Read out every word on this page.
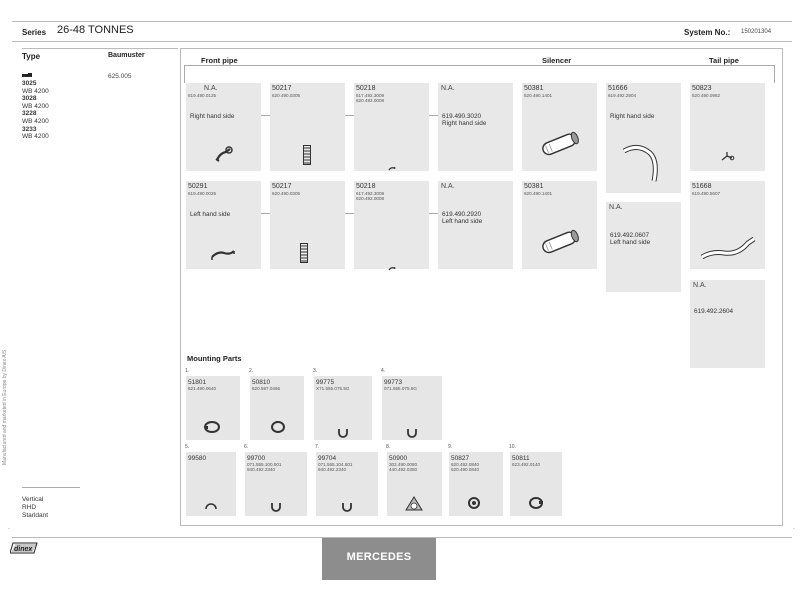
Manufactured and marketed in Europe by Dinex A/S
Series 26-48 TONNES	System No.: 150201304
Type	Baumuster
3025
WB 4200
3028
WB 4200
3228
WB 4200
3233
WB 4200
625.005
Vertical
RHD
Starldant
Front pipe	Silencer	Tail pipe
N.A.
619.490.0125
Right hand side
50217
620.490.0305
50218
617.492.3009
620.492.0008
N.A.
619.490.3020
Right hand side
50381
620.490.1401
51666
619.492.2904
Right hand side
50823
620.490.0962
50291
619.490.0025
Left hand side
50217
620.490.0305
50218
617.492.3009
620.492.0008
N.A.
619.490.2920
Left hand side
50381
620.490.1401
N.A.
619.492.0607
Left hand side
51668
619.490.5607
N.A.
619.492.2604
Mounting Parts
1.
51801
621.490.0640
2.
50810
620.597.0466
3.
99775
X71.555.075.5G
4.
99773
071.555.075.5G
5.
99580
6.
99700
071.555.100.501
940.492.2340
7.
99704
071.555.104.501
940.492.2340
8.
50900
302.490.0080
440.492.0380
9.
50827
620.492.0840
620.490.0840
10.
50811
623.492.0140
ˉ	ˉ
dinex
MERCEDES
